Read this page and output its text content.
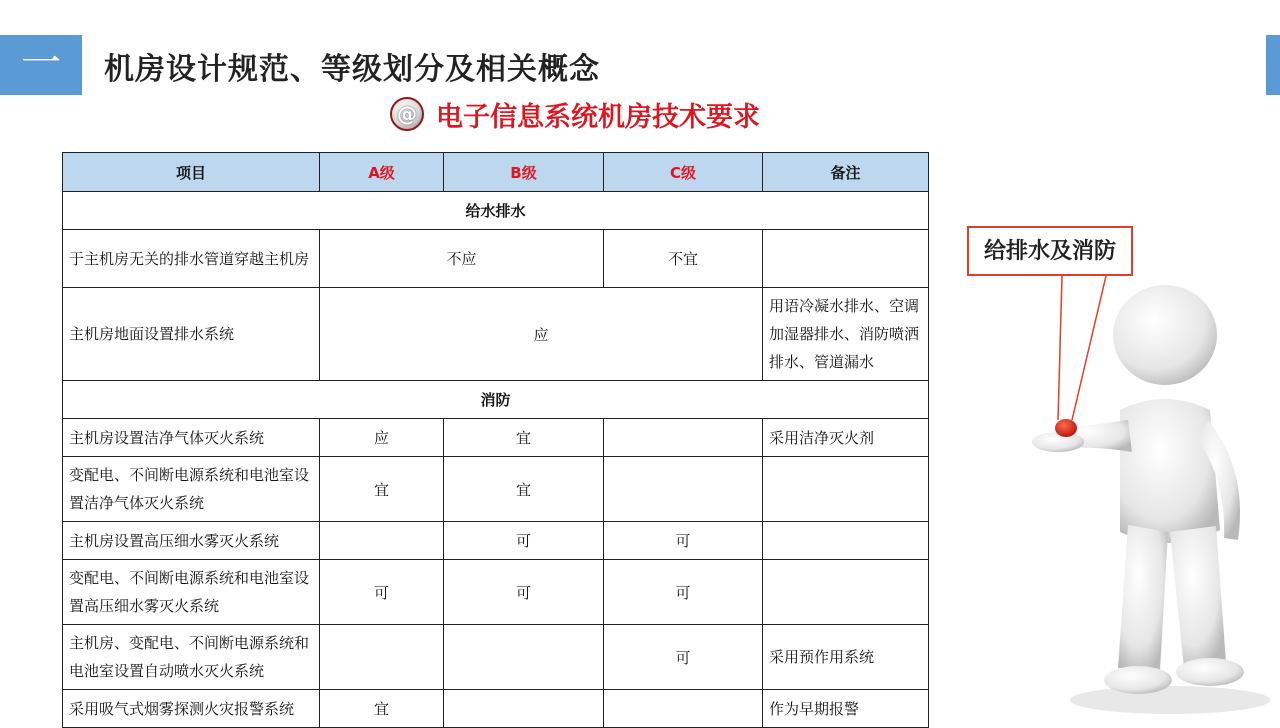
一	机房设计规范、等级划分及相关概念
@ 电子信息系统机房技术要求
项目	A级	B级	C级	备注
给水排水				
于主机房无关的排水管道穿越主机房	不应		不宜	
主机房地面设置排水系统	应			用语冷凝水排水、空调加湿器排水、消防喷洒排水、管道漏水
消防				
主机房设置洁净气体灭火系统	应	宜		采用洁净灭火剂
变配电、不间断电源系统和电池室设置洁净气体灭火系统	宜	宜		
主机房设置高压细水雾灭火系统		可	可	
变配电、不间断电源系统和电池室设置高压细水雾灭火系统	可	可	可	
主机房、变配电、不间断电源系统和电池室设置自动喷水灭火系统			可	采用预作用系统
采用吸气式烟雾探测火灾报警系统	宜			作为早期报警
给排水及消防
